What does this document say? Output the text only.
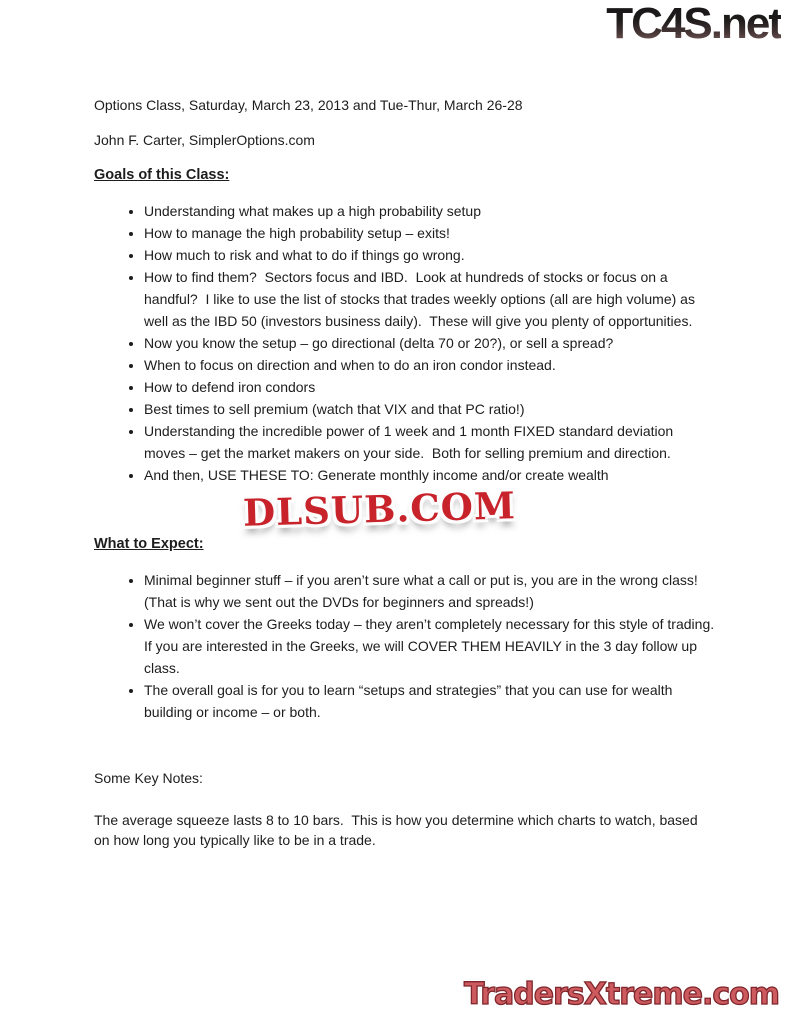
TC4S.net

Options Class, Saturday, March 23, 2013 and Tue-Thur, March 26-28

John F. Carter, SimplerOptions.com

Goals of this Class:
• Understanding what makes up a high probability setup
• How to manage the high probability setup – exits!
• How much to risk and what to do if things go wrong.
• How to find them?  Sectors focus and IBD.  Look at hundreds of stocks or focus on a handful?  I like to use the list of stocks that trades weekly options (all are high volume) as well as the IBD 50 (investors business daily).  These will give you plenty of opportunities.
• Now you know the setup – go directional (delta 70 or 20?), or sell a spread?
• When to focus on direction and when to do an iron condor instead.
• How to defend iron condors
• Best times to sell premium (watch that VIX and that PC ratio!)
• Understanding the incredible power of 1 week and 1 month FIXED standard deviation moves – get the market makers on your side.  Both for selling premium and direction.
• And then, USE THESE TO: Generate monthly income and/or create wealth
What to Expect:
• Minimal beginner stuff – if you aren’t sure what a call or put is, you are in the wrong class!  (That is why we sent out the DVDs for beginners and spreads!)
• We won’t cover the Greeks today – they aren’t completely necessary for this style of trading.  If you are interested in the Greeks, we will COVER THEM HEAVILY in the 3 day follow up class.
• The overall goal is for you to learn “setups and strategies” that you can use for wealth building or income – or both.

Some Key Notes:

The average squeeze lasts 8 to 10 bars.  This is how you determine which charts to watch, based on how long you typically like to be in a trade.

DLSUB.COM
TradersXtreme.com
